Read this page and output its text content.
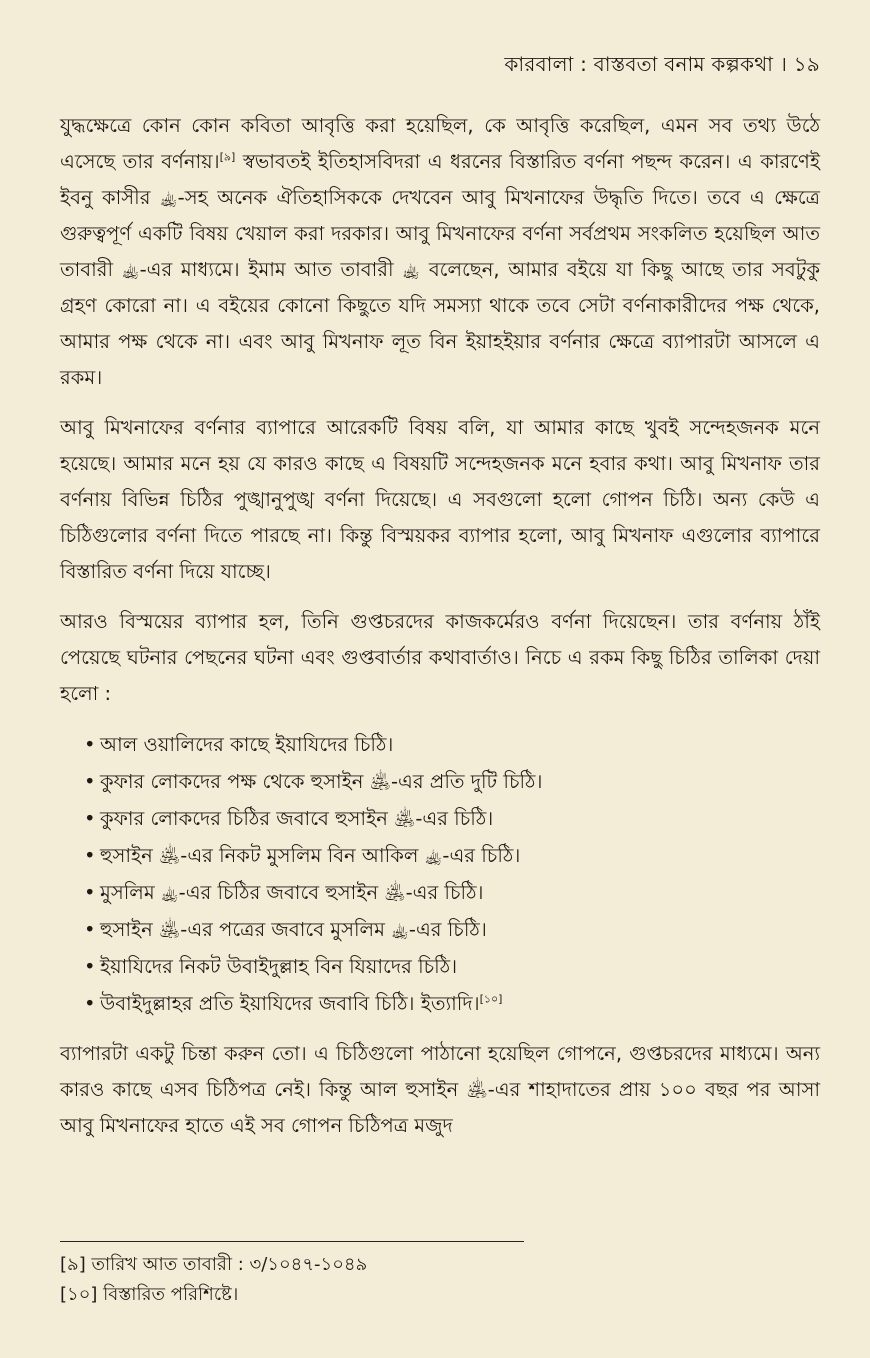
কারবালা : বাস্তবতা বনাম কল্পকথা । ১৯

যুদ্ধক্ষেত্রে কোন কোন কবিতা আবৃত্তি করা হয়েছিল, কে আবৃত্তি করেছিল, এমন সব তথ্য উঠে এসেছে তার বর্ণনায়।[৯] স্বভাবতই ইতিহাসবিদরা এ ধরনের বিস্তারিত বর্ণনা পছন্দ করেন। এ কারণেই ইবনু কাসীর ﵀-সহ অনেক ঐতিহাসিককে দেখবেন আবু মিখনাফের উদ্ধৃতি দিতে। তবে এ ক্ষেত্রে গুরুত্বপূর্ণ একটি বিষয় খেয়াল করা দরকার। আবু মিখনাফের বর্ণনা সর্বপ্রথম সংকলিত হয়েছিল আত তাবারী ﵀-এর মাধ্যমে। ইমাম আত তাবারী ﵀ বলেছেন, আমার বইয়ে যা কিছু আছে তার সবটুকু গ্রহণ কোরো না। এ বইয়ের কোনো কিছুতে যদি সমস্যা থাকে তবে সেটা বর্ণনাকারীদের পক্ষ থেকে, আমার পক্ষ থেকে না। এবং আবু মিখনাফ লূত বিন ইয়াহইয়ার বর্ণনার ক্ষেত্রে ব্যাপারটা আসলে এ রকম।

আবু মিখনাফের বর্ণনার ব্যাপারে আরেকটি বিষয় বলি, যা আমার কাছে খুবই সন্দেহজনক মনে হয়েছে। আমার মনে হয় যে কারও কাছে এ বিষয়টি সন্দেহজনক মনে হবার কথা। আবু মিখনাফ তার বর্ণনায় বিভিন্ন চিঠির পুঙ্খানুপুঙ্খ বর্ণনা দিয়েছে। এ সবগুলো হলো গোপন চিঠি। অন্য কেউ এ চিঠিগুলোর বর্ণনা দিতে পারছে না। কিন্তু বিস্ময়কর ব্যাপার হলো, আবু মিখনাফ এগুলোর ব্যাপারে বিস্তারিত বর্ণনা দিয়ে যাচ্ছে।

আরও বিস্ময়ের ব্যাপার হল, তিনি গুপ্তচরদের কাজকর্মেরও বর্ণনা দিয়েছেন। তার বর্ণনায় ঠাঁই পেয়েছে ঘটনার পেছনের ঘটনা এবং গুপ্তবার্তার কথাবার্তাও। নিচে এ রকম কিছু চিঠির তালিকা দেয়া হলো :

• আল ওয়ালিদের কাছে ইয়াযিদের চিঠি।
• কুফার লোকদের পক্ষ থেকে হুসাইন ﵁-এর প্রতি দুটি চিঠি।
• কুফার লোকদের চিঠির জবাবে হুসাইন ﵁-এর চিঠি।
• হুসাইন ﵁-এর নিকট মুসলিম বিন আকিল ﵀-এর চিঠি।
• মুসলিম ﵀-এর চিঠির জবাবে হুসাইন ﵁-এর চিঠি।
• হুসাইন ﵁-এর পত্রের জবাবে মুসলিম ﵀-এর চিঠি।
• ইয়াযিদের নিকট উবাইদুল্লাহ বিন যিয়াদের চিঠি।
• উবাইদুল্লাহর প্রতি ইয়াযিদের জবাবি চিঠি। ইত্যাদি।[১০]

ব্যাপারটা একটু চিন্তা করুন তো। এ চিঠিগুলো পাঠানো হয়েছিল গোপনে, গুপ্তচরদের মাধ্যমে। অন্য কারও কাছে এসব চিঠিপত্র নেই। কিন্তু আল হুসাইন ﵁-এর শাহাদাতের প্রায় ১০০ বছর পর আসা আবু মিখনাফের হাতে এই সব গোপন চিঠিপত্র মজুদ

[৯] তারিখ আত তাবারী : ৩/১০৪৭-১০৪৯
[১০] বিস্তারিত পরিশিষ্টে।
